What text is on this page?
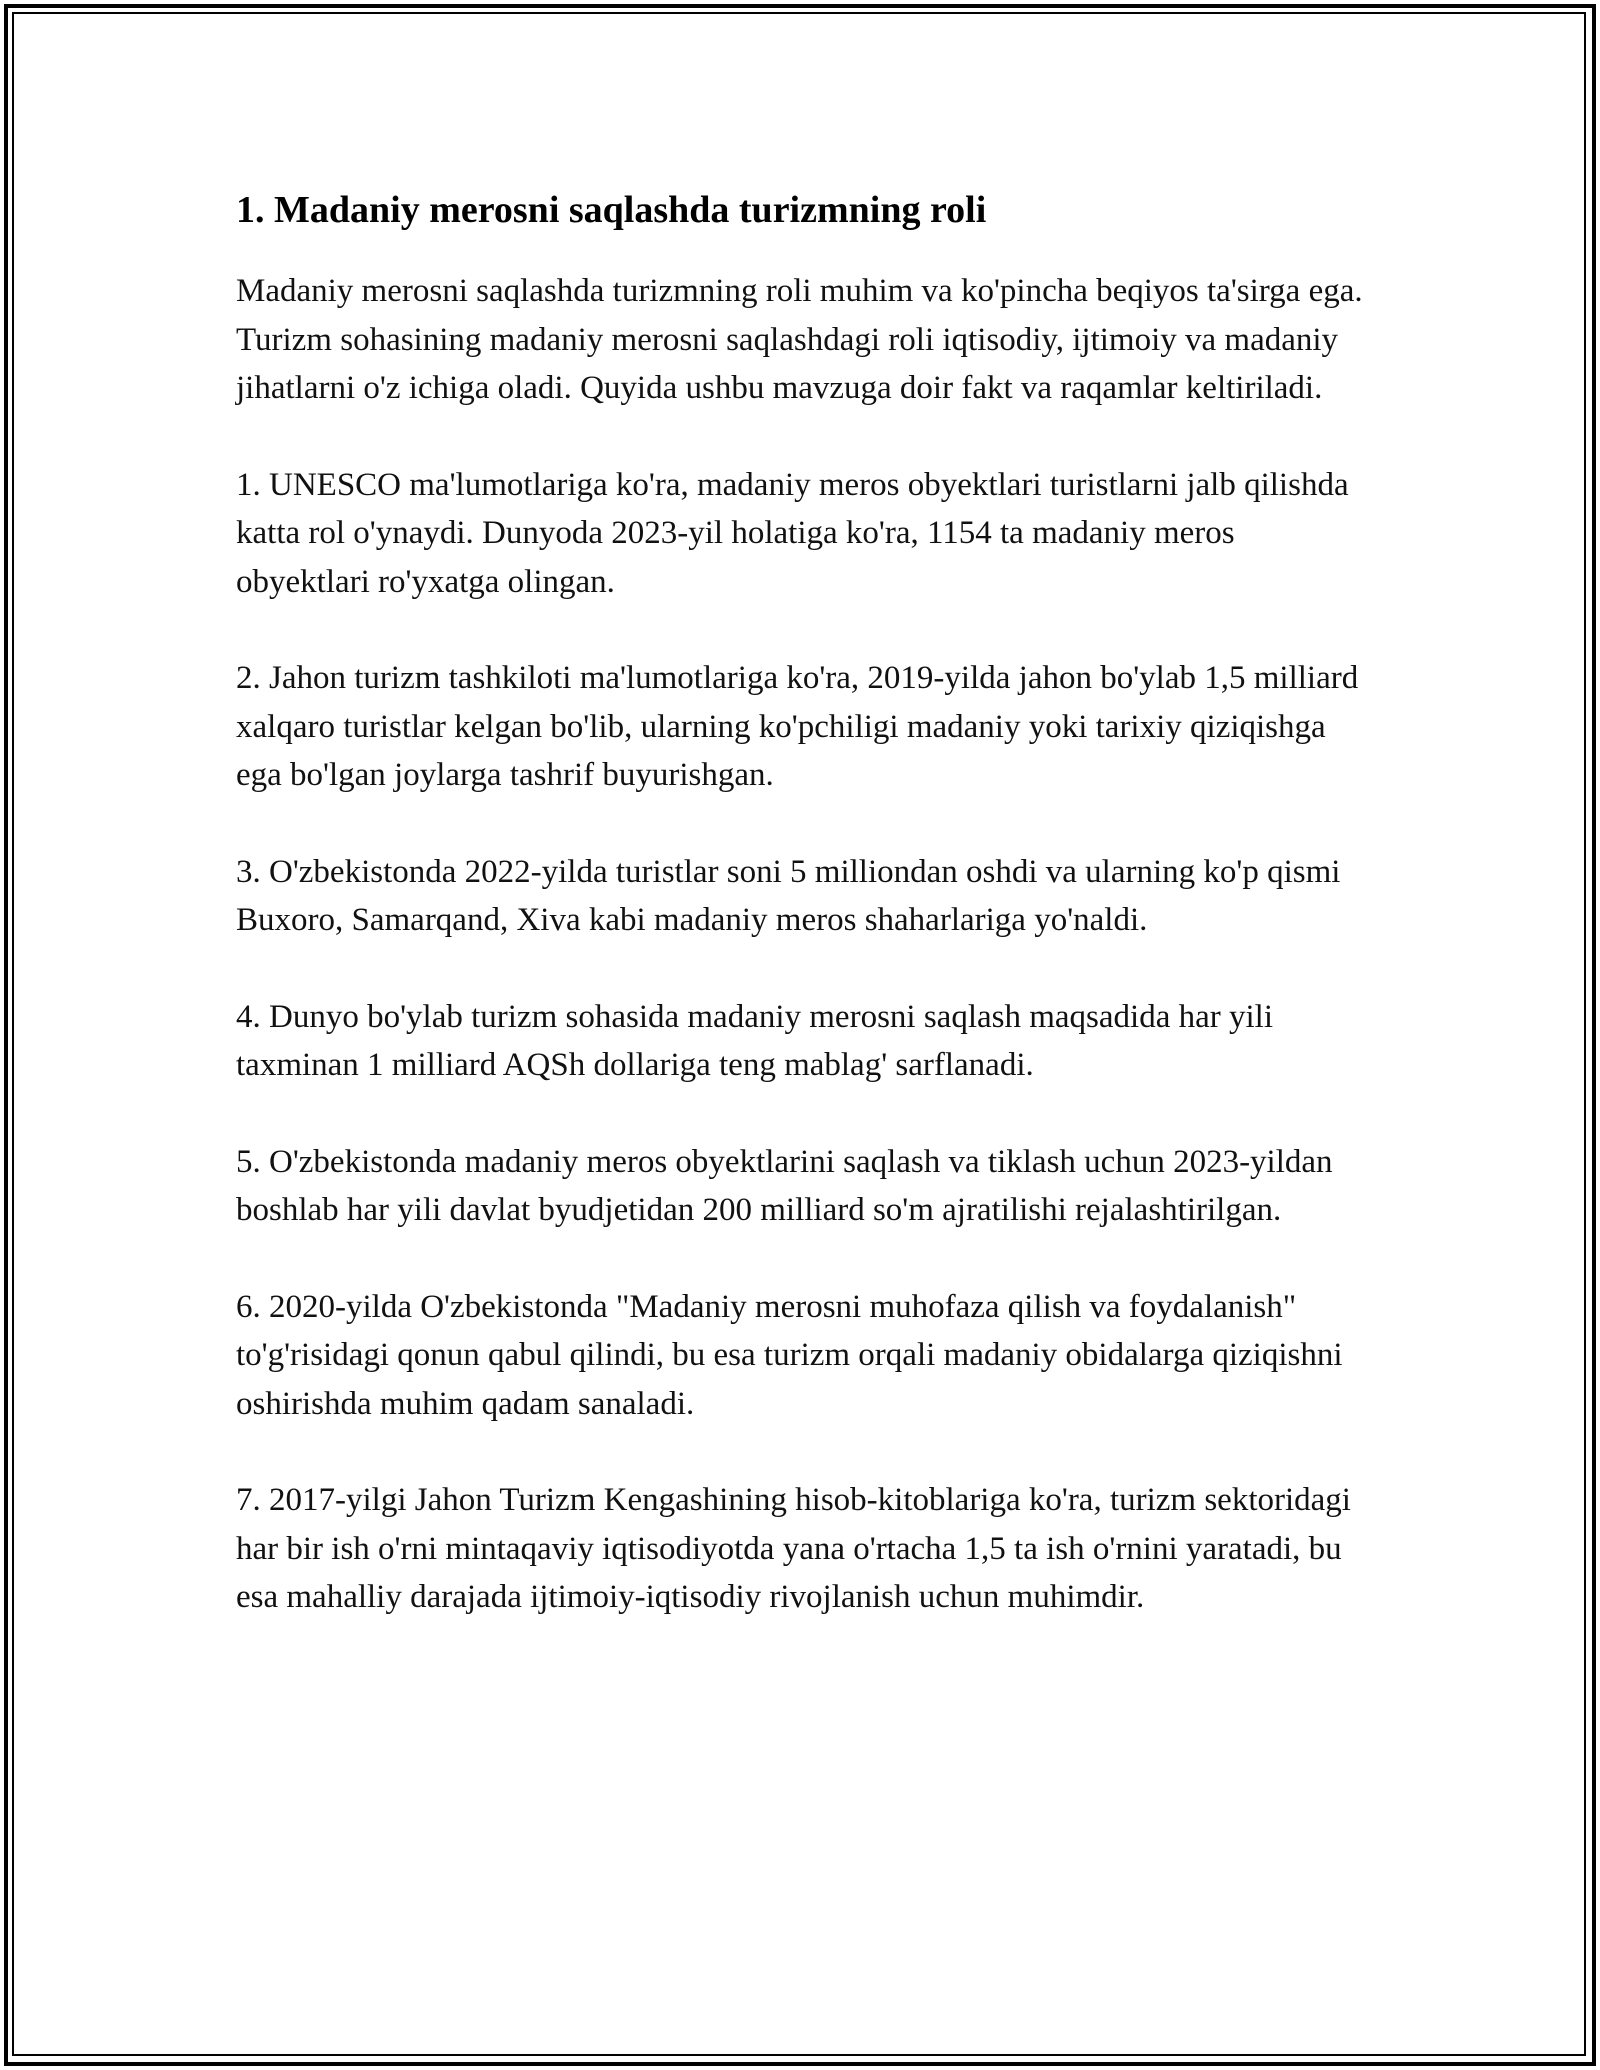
1. Madaniy merosni saqlashda turizmning roli

Madaniy merosni saqlashda turizmning roli muhim va ko'pincha beqiyos ta'sirga ega. Turizm sohasining madaniy merosni saqlashdagi roli iqtisodiy, ijtimoiy va madaniy jihatlarni o'z ichiga oladi. Quyida ushbu mavzuga doir fakt va raqamlar keltiriladi.

1. UNESCO ma'lumotlariga ko'ra, madaniy meros obyektlari turistlarni jalb qilishda katta rol o'ynaydi. Dunyoda 2023-yil holatiga ko'ra, 1154 ta madaniy meros obyektlari ro'yxatga olingan.

2. Jahon turizm tashkiloti ma'lumotlariga ko'ra, 2019-yilda jahon bo'ylab 1,5 milliard xalqaro turistlar kelgan bo'lib, ularning ko'pchiligi madaniy yoki tarixiy qiziqishga ega bo'lgan joylarga tashrif buyurishgan.

3. O'zbekistonda 2022-yilda turistlar soni 5 milliondan oshdi va ularning ko'p qismi Buxoro, Samarqand, Xiva kabi madaniy meros shaharlariga yo'naldi.

4. Dunyo bo'ylab turizm sohasida madaniy merosni saqlash maqsadida har yili taxminan 1 milliard AQSh dollariga teng mablag' sarflanadi.

5. O'zbekistonda madaniy meros obyektlarini saqlash va tiklash uchun 2023-yildan boshlab har yili davlat byudjetidan 200 milliard so'm ajratilishi rejalashtirilgan.

6. 2020-yilda O'zbekistonda "Madaniy merosni muhofaza qilish va foydalanish" to'g'risidagi qonun qabul qilindi, bu esa turizm orqali madaniy obidalarga qiziqishni oshirishda muhim qadam sanaladi.

7. 2017-yilgi Jahon Turizm Kengashining hisob-kitoblariga ko'ra, turizm sektoridagi har bir ish o'rni mintaqaviy iqtisodiyotda yana o'rtacha 1,5 ta ish o'rnini yaratadi, bu esa mahalliy darajada ijtimoiy-iqtisodiy rivojlanish uchun muhimdir.
